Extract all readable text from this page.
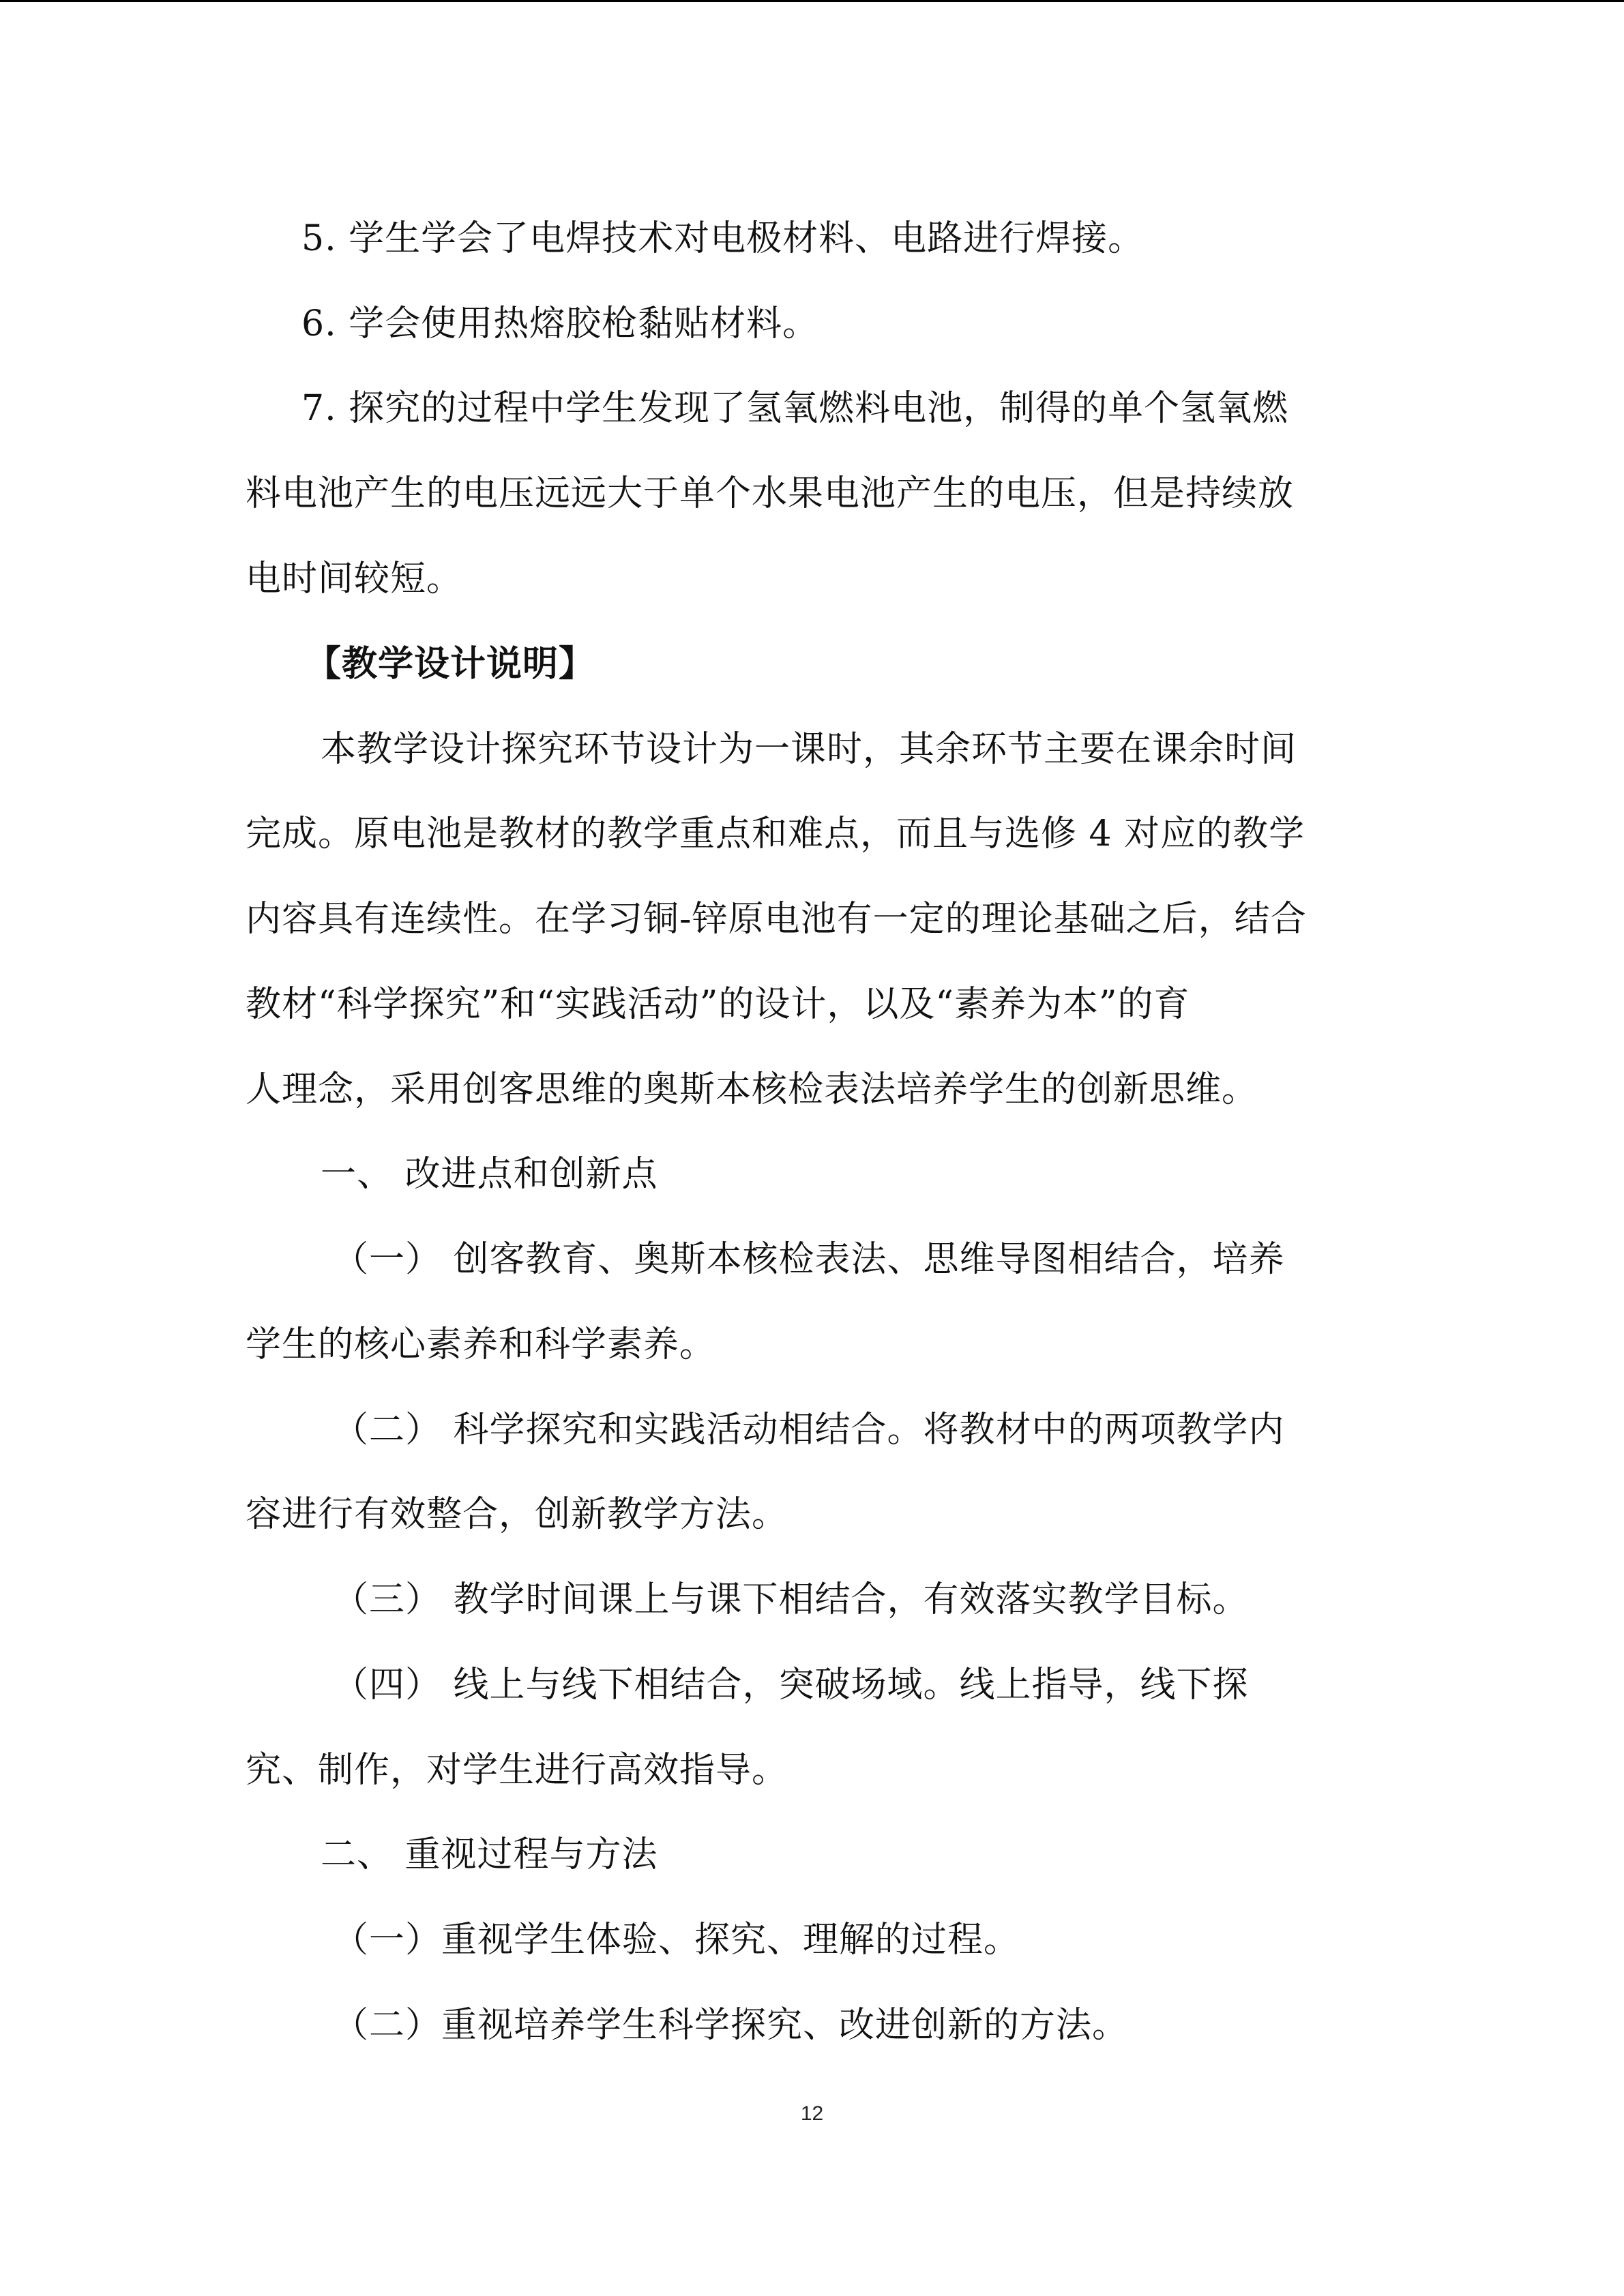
5. 学生学会了电焊技术对电极材料、电路进行焊接。

6. 学会使用热熔胶枪黏贴材料。

7. 探究的过程中学生发现了氢氧燃料电池，制得的单个氢氧燃

料电池产生的电压远远大于单个水果电池产生的电压，但是持续放

电时间较短。

【教学设计说明】

本教学设计探究环节设计为一课时，其余环节主要在课余时间

完成。原电池是教材的教学重点和难点，而且与选修 4 对应的教学

内容具有连续性。在学习铜-锌原电池有一定的理论基础之后，结合

教材“科学探究”和“实践活动”的设计，以及“素养为本”的育

人理念，采用创客思维的奥斯本核检表法培养学生的创新思维。

一、 改进点和创新点

（一） 创客教育、奥斯本核检表法、思维导图相结合，培养

学生的核心素养和科学素养。

（二） 科学探究和实践活动相结合。将教材中的两项教学内

容进行有效整合，创新教学方法。

（三） 教学时间课上与课下相结合，有效落实教学目标。

（四） 线上与线下相结合，突破场域。线上指导，线下探

究、制作，对学生进行高效指导。

二、 重视过程与方法

（一）重视学生体验、探究、理解的过程。

（二）重视培养学生科学探究、改进创新的方法。

12
